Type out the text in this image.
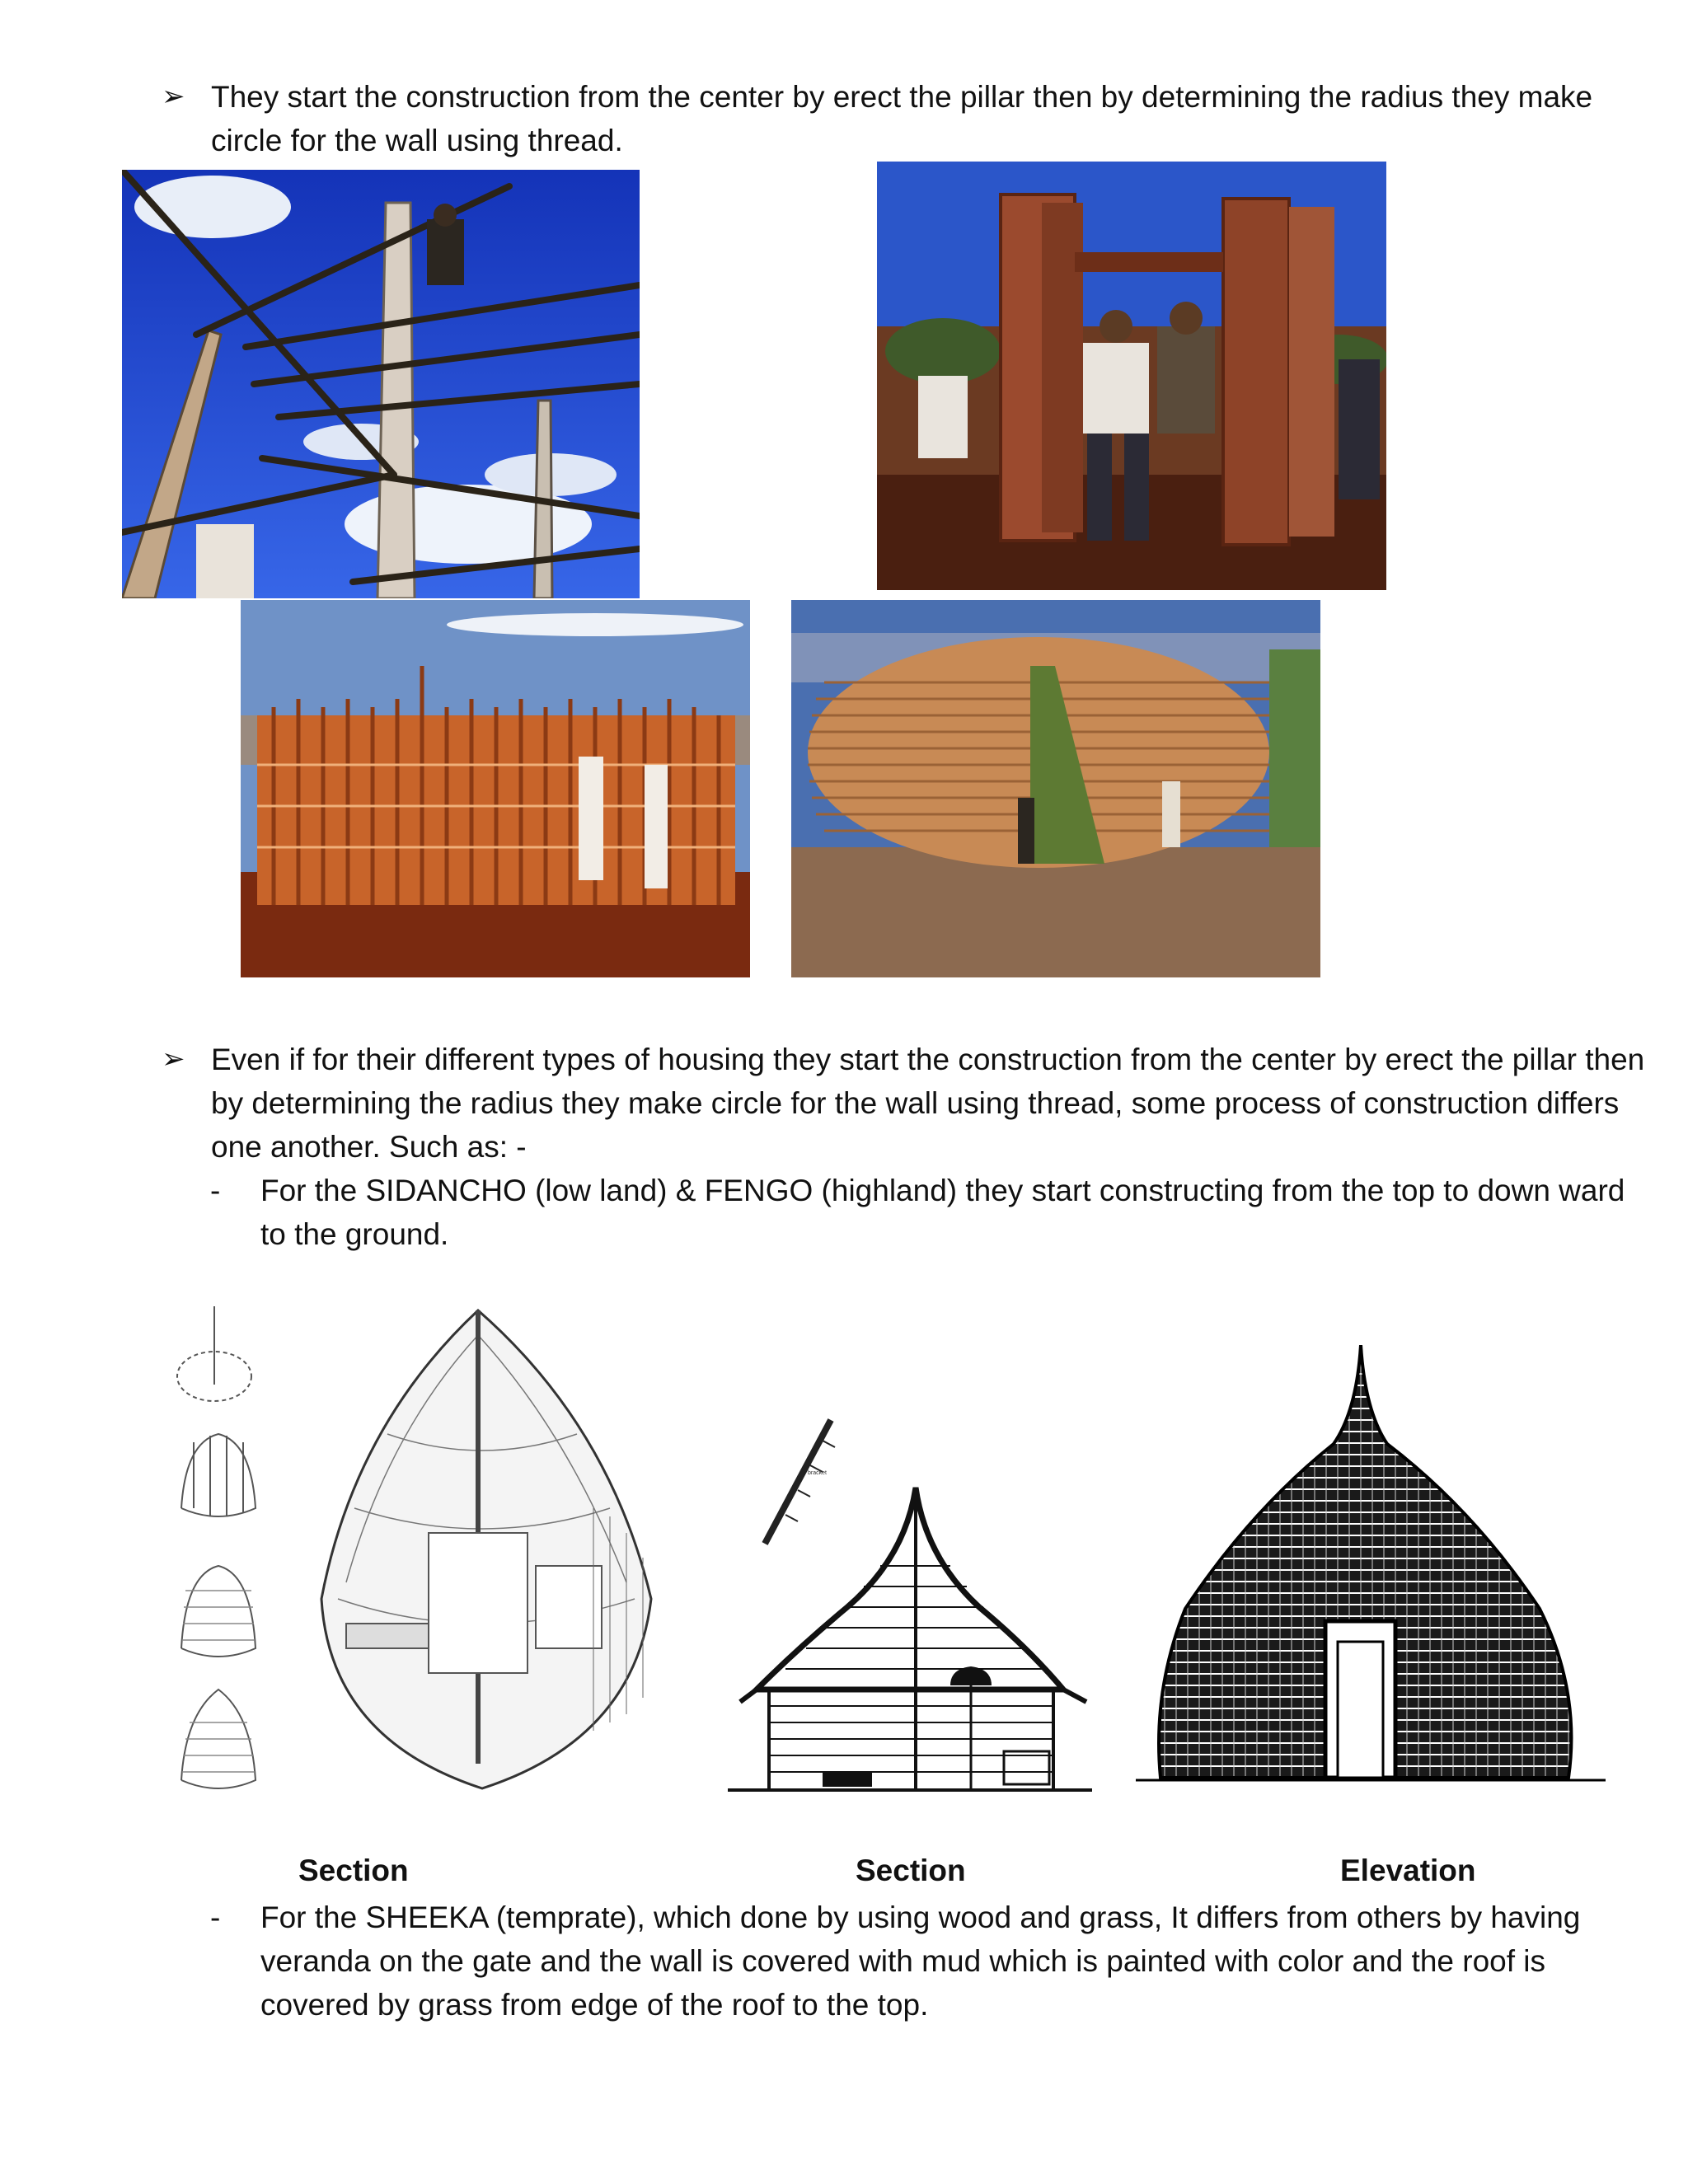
➢ They start the construction from the center by erect the pillar then by determining the radius they make circle for the wall using thread.

➢ Even if for their different types of housing they start the construction from the center by erect the pillar then by determining the radius they make circle for the wall using thread, some process of construction differs one another. Such as: -

- For the SIDANCHO (low land) & FENGO (highland) they start constructing from the top to down ward to the ground.

bracket
Section	Section	Elevation
- For the SHEEKA (temprate), which done by using wood and grass, It differs from others by having veranda on the gate and the wall is covered with mud which is painted with color and the roof is covered by grass from edge of the roof to the top.
